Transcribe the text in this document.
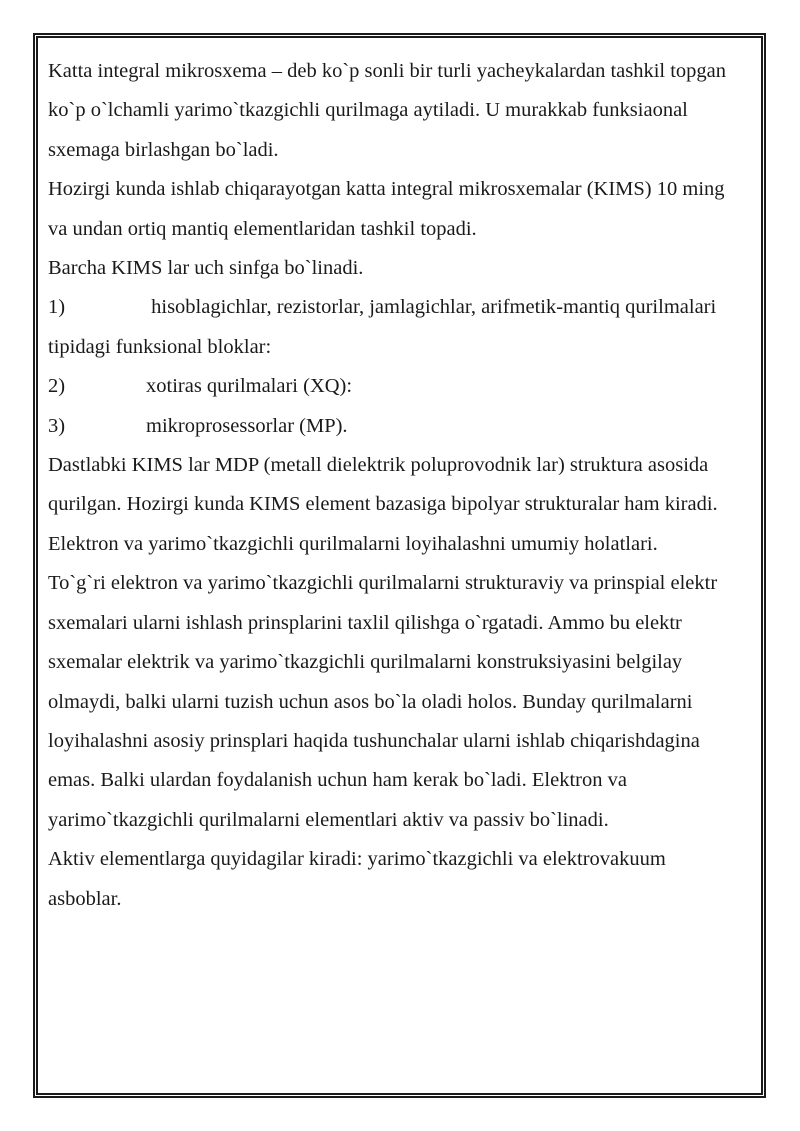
Katta integral mikrosxema – deb ko`p sonli bir turli yacheykalardan tashkil topgan ko`p o`lchamli yarimo`tkazgichli qurilmaga aytiladi. U murakkab funksiaonal sxemaga birlashgan bo`ladi.

Hozirgi kunda ishlab chiqarayotgan katta integral mikrosxemalar (KIMS) 10 ming va undan ortiq mantiq elementlaridan tashkil topadi.

Barcha KIMS lar uch sinfga bo`linadi.

1)	hisoblagichlar, rezistorlar, jamlagichlar, arifmetik-mantiq qurilmalari tipidagi funksional bloklar:
2)	xotiras qurilmalari (XQ):
3)	mikroprosessorlar (MP).

Dastlabki KIMS lar MDP (metall dielektrik poluprovodnik lar) struktura asosida qurilgan. Hozirgi kunda KIMS element bazasiga bipolyar strukturalar ham kiradi.

Elektron va yarimo`tkazgichli qurilmalarni loyihalashni umumiy holatlari.

To`g`ri elektron va yarimo`tkazgichli qurilmalarni strukturaviy va prinspial elektr sxemalari ularni ishlash prinsplarini taxlil qilishga o`rgatadi. Ammo bu elektr sxemalar elektrik va yarimo`tkazgichli qurilmalarni konstruksiyasini belgilay olmaydi, balki ularni tuzish uchun asos bo`la oladi holos. Bunday qurilmalarni loyihalashni asosiy prinsplari haqida tushunchalar ularni ishlab chiqarishdagina emas. Balki ulardan foydalanish uchun ham kerak bo`ladi. Elektron va yarimo`tkazgichli qurilmalarni elementlari aktiv va passiv bo`linadi.

Aktiv elementlarga quyidagilar kiradi: yarimo`tkazgichli va elektrovakuum asboblar.
